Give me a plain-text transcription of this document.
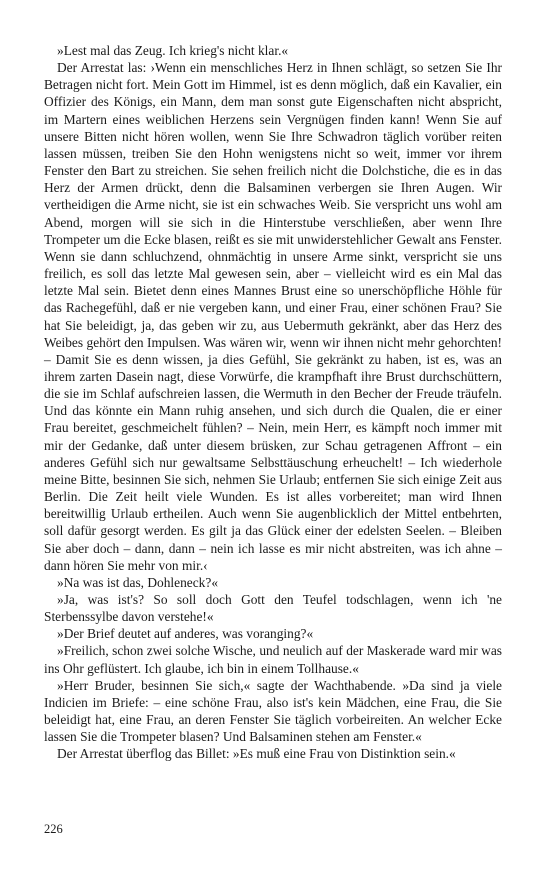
»Lest mal das Zeug. Ich krieg's nicht klar.«

Der Arrestat las: ›Wenn ein menschliches Herz in Ihnen schlägt, so setzen Sie Ihr Betragen nicht fort. Mein Gott im Himmel, ist es denn möglich, daß ein Kavalier, ein Offizier des Königs, ein Mann, dem man sonst gute Eigenschaften nicht abspricht, im Martern eines weiblichen Herzens sein Vergnügen finden kann! Wenn Sie auf unsere Bitten nicht hören wollen, wenn Sie Ihre Schwadron täglich vorüber reiten lassen müssen, treiben Sie den Hohn wenigstens nicht so weit, immer vor ihrem Fenster den Bart zu streichen. Sie sehen freilich nicht die Dolchstiche, die es in das Herz der Armen drückt, denn die Balsaminen verbergen sie Ihren Augen. Wir vertheidigen die Arme nicht, sie ist ein schwaches Weib. Sie verspricht uns wohl am Abend, morgen will sie sich in die Hinterstube verschließen, aber wenn Ihre Trompeter um die Ecke blasen, reißt es sie mit unwiderstehlicher Gewalt ans Fenster. Wenn sie dann schluchzend, ohnmächtig in unsere Arme sinkt, verspricht sie uns freilich, es soll das letzte Mal gewesen sein, aber – vielleicht wird es ein Mal das letzte Mal sein. Bietet denn eines Mannes Brust eine so unerschöpfliche Höhle für das Rachegefühl, daß er nie vergeben kann, und einer Frau, einer schönen Frau? Sie hat Sie beleidigt, ja, das geben wir zu, aus Uebermuth gekränkt, aber das Herz des Weibes gehört den Impulsen. Was wären wir, wenn wir ihnen nicht mehr gehorchten! – Damit Sie es denn wissen, ja dies Gefühl, Sie gekränkt zu haben, ist es, was an ihrem zarten Dasein nagt, diese Vorwürfe, die krampfhaft ihre Brust durchschüttern, die sie im Schlaf aufschreien lassen, die Wermuth in den Becher der Freude träufeln. Und das könnte ein Mann ruhig ansehen, und sich durch die Qualen, die er einer Frau bereitet, geschmeichelt fühlen? – Nein, mein Herr, es kämpft noch immer mit mir der Gedanke, daß unter diesem brüsken, zur Schau getragenen Affront – ein anderes Gefühl sich nur gewaltsame Selbsttäuschung erheuchelt! – Ich wiederhole meine Bitte, besinnen Sie sich, nehmen Sie Urlaub; entfernen Sie sich einige Zeit aus Berlin. Die Zeit heilt viele Wunden. Es ist alles vorbereitet; man wird Ihnen bereitwillig Urlaub ertheilen. Auch wenn Sie augenblicklich der Mittel entbehrten, soll dafür gesorgt werden. Es gilt ja das Glück einer der edelsten Seelen. – Bleiben Sie aber doch – dann, dann – nein ich lasse es mir nicht abstreiten, was ich ahne – dann hören Sie mehr von mir.‹

»Na was ist das, Dohleneck?«

»Ja, was ist's? So soll doch Gott den Teufel todschlagen, wenn ich 'ne Sterbenssylbe davon verstehe!«

»Der Brief deutet auf anderes, was voranging?«

»Freilich, schon zwei solche Wische, und neulich auf der Maskerade ward mir was ins Ohr geflüstert. Ich glaube, ich bin in einem Tollhause.«

»Herr Bruder, besinnen Sie sich,« sagte der Wachthabende. »Da sind ja viele Indicien im Briefe: – eine schöne Frau, also ist's kein Mädchen, eine Frau, die Sie beleidigt hat, eine Frau, an deren Fenster Sie täglich vorbeireiten. An welcher Ecke lassen Sie die Trompeter blasen? Und Balsaminen stehen am Fenster.«

Der Arrestat überflog das Billet: »Es muß eine Frau von Distinktion sein.«

226
